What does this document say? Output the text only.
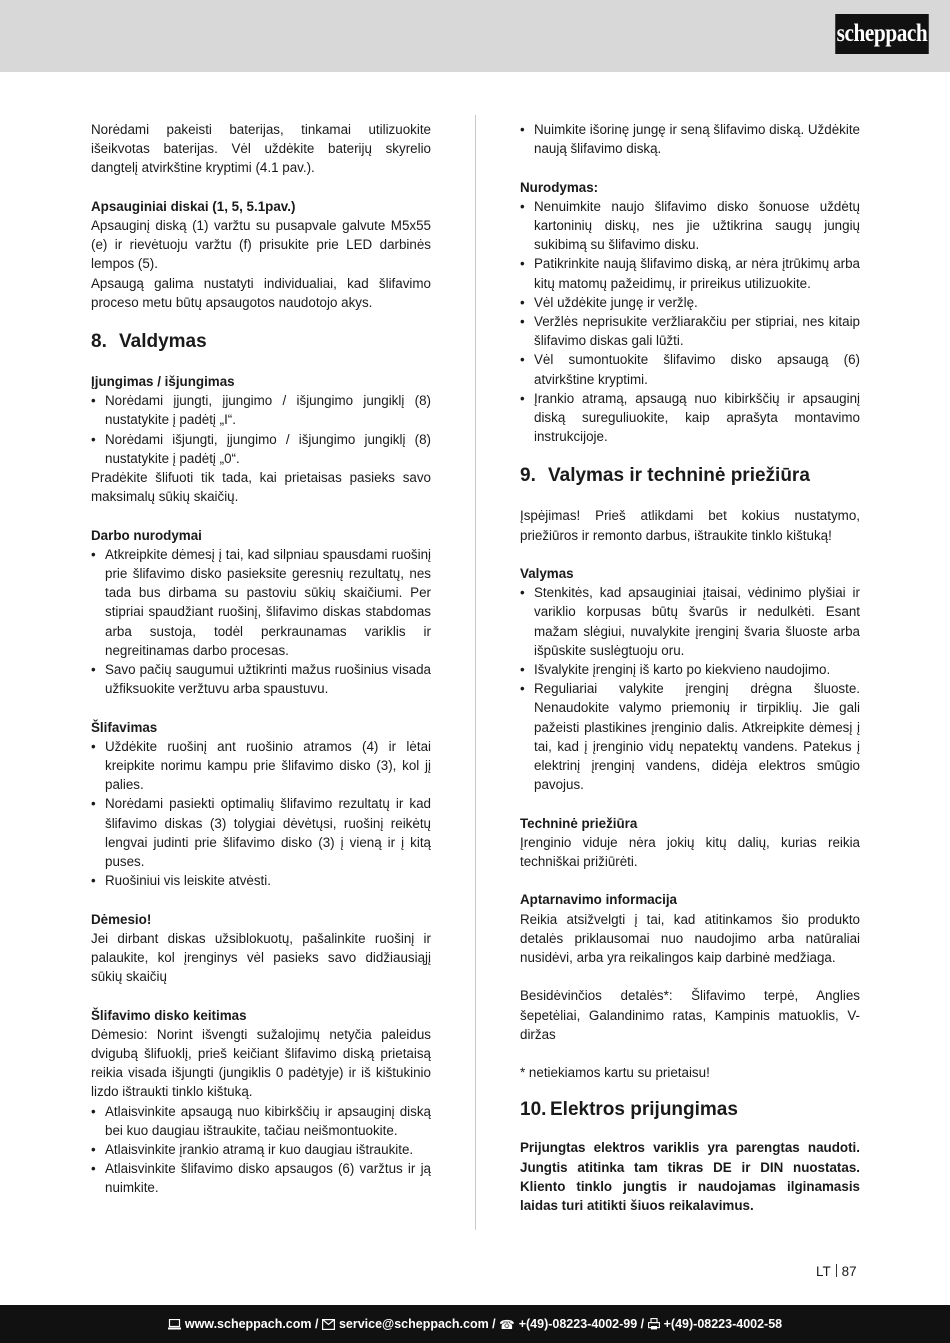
scheppach

Norėdami pakeisti baterijas, tinkamai utilizuokite išeikvotas baterijas. Vėl uždėkite baterijų skyrelio dangtelį atvirkštine kryptimi (4.1 pav.).

Apsauginiai diskai (1, 5, 5.1pav.)

Apsauginį diską (1) varžtu su pusapvale galvute M5x55 (e) ir rievėtuoju varžtu (f) prisukite prie LED darbinės lempos (5).

Apsaugą galima nustatyti individualiai, kad šlifavimo proceso metu būtų apsaugotos naudotojo akys.

8. Valdymas

Įjungimas / išjungimas

• Norėdami įjungti, įjungimo / išjungimo jungiklį (8) nustatykite į padėtį „I“.
• Norėdami išjungti, įjungimo / išjungimo jungiklį (8) nustatykite į padėtį „0“.

Pradėkite šlifuoti tik tada, kai prietaisas pasieks savo maksimalų sūkių skaičių.

Darbo nurodymai

• Atkreipkite dėmesį į tai, kad silpniau spausdami ruošinį prie šlifavimo disko pasieksite geresnių rezultatų, nes tada bus dirbama su pastoviu sūkių skaičiumi. Per stipriai spaudžiant ruošinį, šlifavimo diskas stabdomas arba sustoja, todėl perkraunamas variklis ir negreitinamas darbo procesas.
• Savo pačių saugumui užtikrinti mažus ruošinius visada užfiksuokite veržtuvu arba spaustuvu.

Šlifavimas

• Uždėkite ruošinį ant ruošinio atramos (4) ir lėtai kreipkite norimu kampu prie šlifavimo disko (3), kol jį palies.
• Norėdami pasiekti optimalių šlifavimo rezultatų ir kad šlifavimo diskas (3) tolygiai dėvėtųsi, ruošinį reikėtų lengvai judinti prie šlifavimo disko (3) į vieną ir į kitą puses.
• Ruošiniui vis leiskite atvėsti.

Dėmesio!

Jei dirbant diskas užsiblokuotų, pašalinkite ruošinį ir palaukite, kol įrenginys vėl pasieks savo didžiausiąjį sūkių skaičių

Šlifavimo disko keitimas

Dėmesio: Norint išvengti sužalojimų netyčia paleidus dvigubą šlifuoklį, prieš keičiant šlifavimo diską prietaisą reikia visada išjungti (jungiklis 0 padėtyje) ir iš kištukinio lizdo ištraukti tinklo kištuką.

• Atlaisvinkite apsaugą nuo kibirkščių ir apsauginį diską bei kuo daugiau ištraukite, tačiau neišmontuokite.
• Atlaisvinkite įrankio atramą ir kuo daugiau ištraukite.
• Atlaisvinkite šlifavimo disko apsaugos (6) varžtus ir ją nuimkite.
• Nuimkite išorinę jungę ir seną šlifavimo diską. Uždėkite naują šlifavimo diską.

Nurodymas:

• Nenuimkite naujo šlifavimo disko šonuose uždėtų kartoninių diskų, nes jie užtikrina saugų jungių sukibimą su šlifavimo disku.
• Patikrinkite naują šlifavimo diską, ar nėra įtrūkimų arba kitų matomų pažeidimų, ir prireikus utilizuokite.
• Vėl uždėkite jungę ir veržlę.
• Veržlės neprisukite veržliarakčiu per stipriai, nes kitaip šlifavimo diskas gali lūžti.
• Vėl sumontuokite šlifavimo disko apsaugą (6) atvirkštine kryptimi.
• Įrankio atramą, apsaugą nuo kibirkščių ir apsauginį diską sureguliuokite, kaip aprašyta montavimo instrukcijoje.
9. Valymas ir techninė priežiūra

Įspėjimas! Prieš atlikdami bet kokius nustatymo, priežiūros ir remonto darbus, ištraukite tinklo kištuką!

Valymas

• Stenkitės, kad apsauginiai įtaisai, vėdinimo plyšiai ir variklio korpusas būtų švarūs ir nedulkėti. Esant mažam slėgiui, nuvalykite įrenginį švaria šluoste arba išpūskite suslėgtuoju oru.
• Išvalykite įrenginį iš karto po kiekvieno naudojimo.
• Reguliariai valykite įrenginį drėgna šluoste. Nenaudokite valymo priemonių ir tirpiklių. Jie gali pažeisti plastikines įrenginio dalis. Atkreipkite dėmesį į tai, kad į įrenginio vidų nepatektų vandens. Patekus į elektrinį įrenginį vandens, didėja elektros smūgio pavojus.

Techninė priežiūra

Įrenginio viduje nėra jokių kitų dalių, kurias reikia techniškai prižiūrėti.

Aptarnavimo informacija

Reikia atsižvelgti į tai, kad atitinkamos šio produkto detalės priklausomai nuo naudojimo arba natūraliai nusidėvi, arba yra reikalingos kaip darbinė medžiaga.

Besidėvinčios detalės*: Šlifavimo terpė, Anglies šepetėliai, Galandinimo ratas, Kampinis matuoklis, V-diržas

* netiekiamos kartu su prietaisu!

10. Elektros prijungimas

Prijungtas elektros variklis yra parengtas naudoti. Jungtis atitinka tam tikras DE ir DIN nuostatas. Kliento tinklo jungtis ir naudojamas ilginamasis laidas turi atitikti šiuos reikalavimus.

LT 87
www.scheppach.com / service@scheppach.com / ☎ +(49)-08223-4002-99 / +(49)-08223-4002-58
